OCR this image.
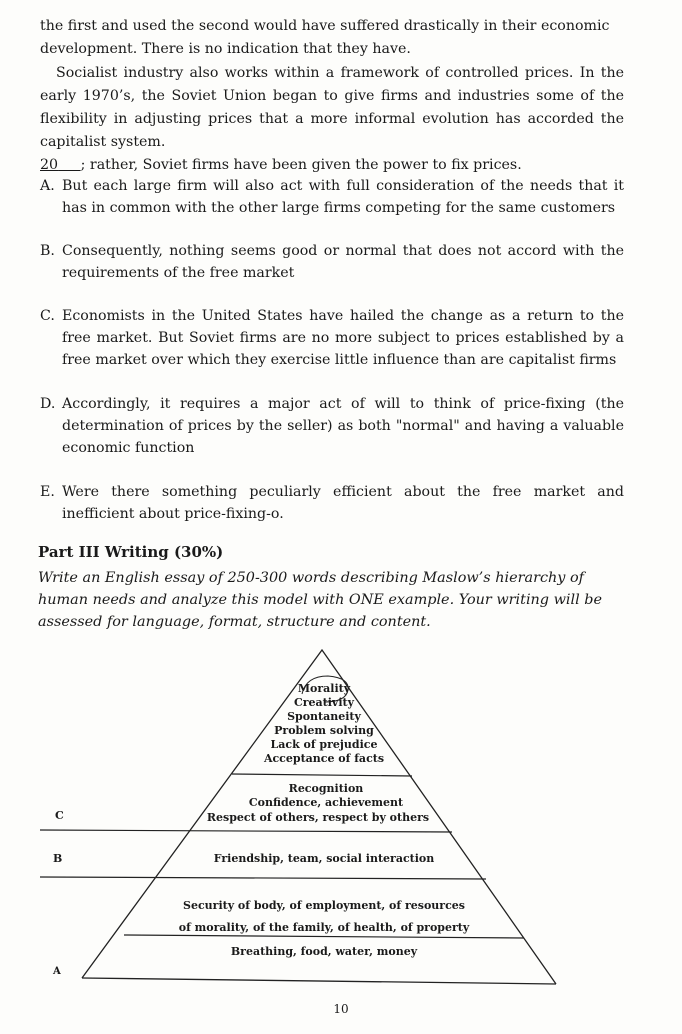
the first and used the second would have suffered drastically in their economic
development. There is no indication that they have.

Socialist industry also works within a framework of controlled prices. In the early 1970’s, the Soviet Union began to give firms and industries some of the flexibility in adjusting prices that a more informal evolution has accorded the capitalist system.
20 ; rather, Soviet firms have been given the power to fix prices.

A. But each large firm will also act with full consideration of the needs that it has in common with the other large firms competing for the same customers
B. Consequently, nothing seems good or normal that does not accord with the requirements of the free market
C. Economists in the United States have hailed the change as a return to the free market. But Soviet firms are no more subject to prices established by a free market over which they exercise little influence than are capitalist firms
D. Accordingly, it requires a major act of will to think of price-fixing (the determination of prices by the seller) as both "normal" and having a valuable economic function
E. Were there something peculiarly efficient about the free market and inefficient about price-fixing-o.
Part III Writing (30%)
Write an English essay of 250-300 words describing Maslow’s hierarchy of human needs and analyze this model with ONE example. Your writing will be assessed for language, format, structure and content.
Morality
Creativity
Spontaneity
Problem solving
Lack of prejudice
Acceptance of facts
Recognition
Confidence, achievement
Respect of others, respect by others
Friendship, team, social interaction
Security of body, of employment, of resources
of morality, of the family, of health, of property
Breathing, food, water, money
C
B
A
10
